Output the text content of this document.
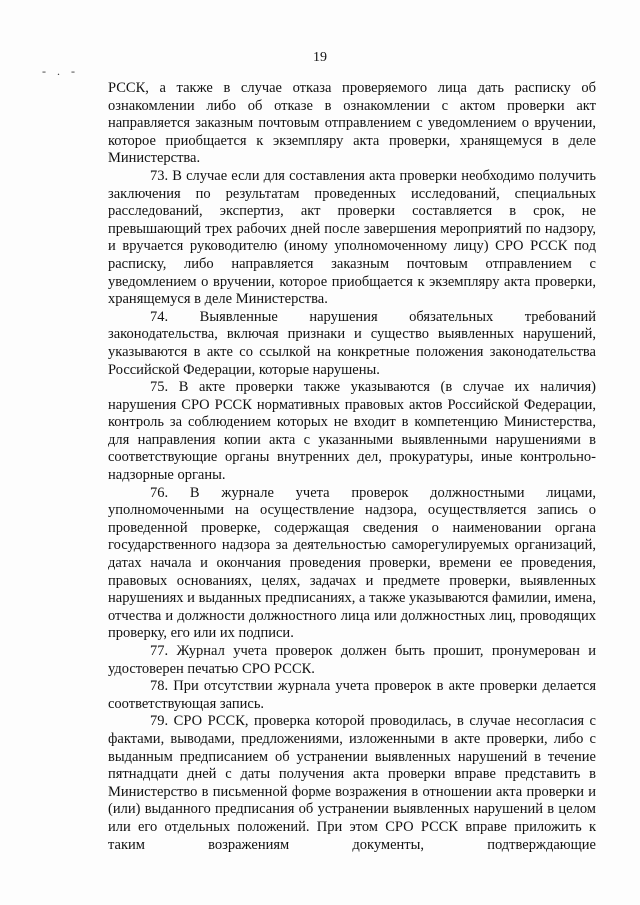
19
- . -

РССК, а также в случае отказа проверяемого лица дать расписку об ознакомлении либо об отказе в ознакомлении с актом проверки акт направляется заказным почтовым отправлением с уведомлением о вручении, которое приобщается к экземпляру акта проверки, хранящемуся в деле Министерства.

73. В случае если для составления акта проверки необходимо получить заключения по результатам проведенных исследований, специальных расследований, экспертиз, акт проверки составляется в срок, не превышающий трех рабочих дней после завершения мероприятий по надзору, и вручается руководителю (иному уполномоченному лицу) СРО РССК под расписку, либо направляется заказным почтовым отправлением с уведомлением о вручении, которое приобщается к экземпляру акта проверки, хранящемуся в деле Министерства.

74. Выявленные нарушения обязательных требований законодательства, включая признаки и существо выявленных нарушений, указываются в акте со ссылкой на конкретные положения законодательства Российской Федерации, которые нарушены.

75. В акте проверки также указываются (в случае их наличия) нарушения СРО РССК нормативных правовых актов Российской Федерации, контроль за соблюдением которых не входит в компетенцию Министерства, для направления копии акта с указанными выявленными нарушениями в соответствующие органы внутренних дел, прокуратуры, иные контрольно-надзорные органы.

76. В журнале учета проверок должностными лицами, уполномоченными на осуществление надзора, осуществляется запись о проведенной проверке, содержащая сведения о наименовании органа государственного надзора за деятельностью саморегулируемых организаций, датах начала и окончания проведения проверки, времени ее проведения, правовых основаниях, целях, задачах и предмете проверки, выявленных нарушениях и выданных предписаниях, а также указываются фамилии, имена, отчества и должности должностного лица или должностных лиц, проводящих проверку, его или их подписи.

77. Журнал учета проверок должен быть прошит, пронумерован и удостоверен печатью СРО РССК.

78. При отсутствии журнала учета проверок в акте проверки делается соответствующая запись.

79. СРО РССК, проверка которой проводилась, в случае несогласия с фактами, выводами, предложениями, изложенными в акте проверки, либо с выданным предписанием об устранении выявленных нарушений в течение пятнадцати дней с даты получения акта проверки вправе представить в Министерство в письменной форме возражения в отношении акта проверки и (или) выданного предписания об устранении выявленных нарушений в целом или его отдельных положений. При этом СРО РССК вправе приложить к таким возражениям документы, подтверждающие
